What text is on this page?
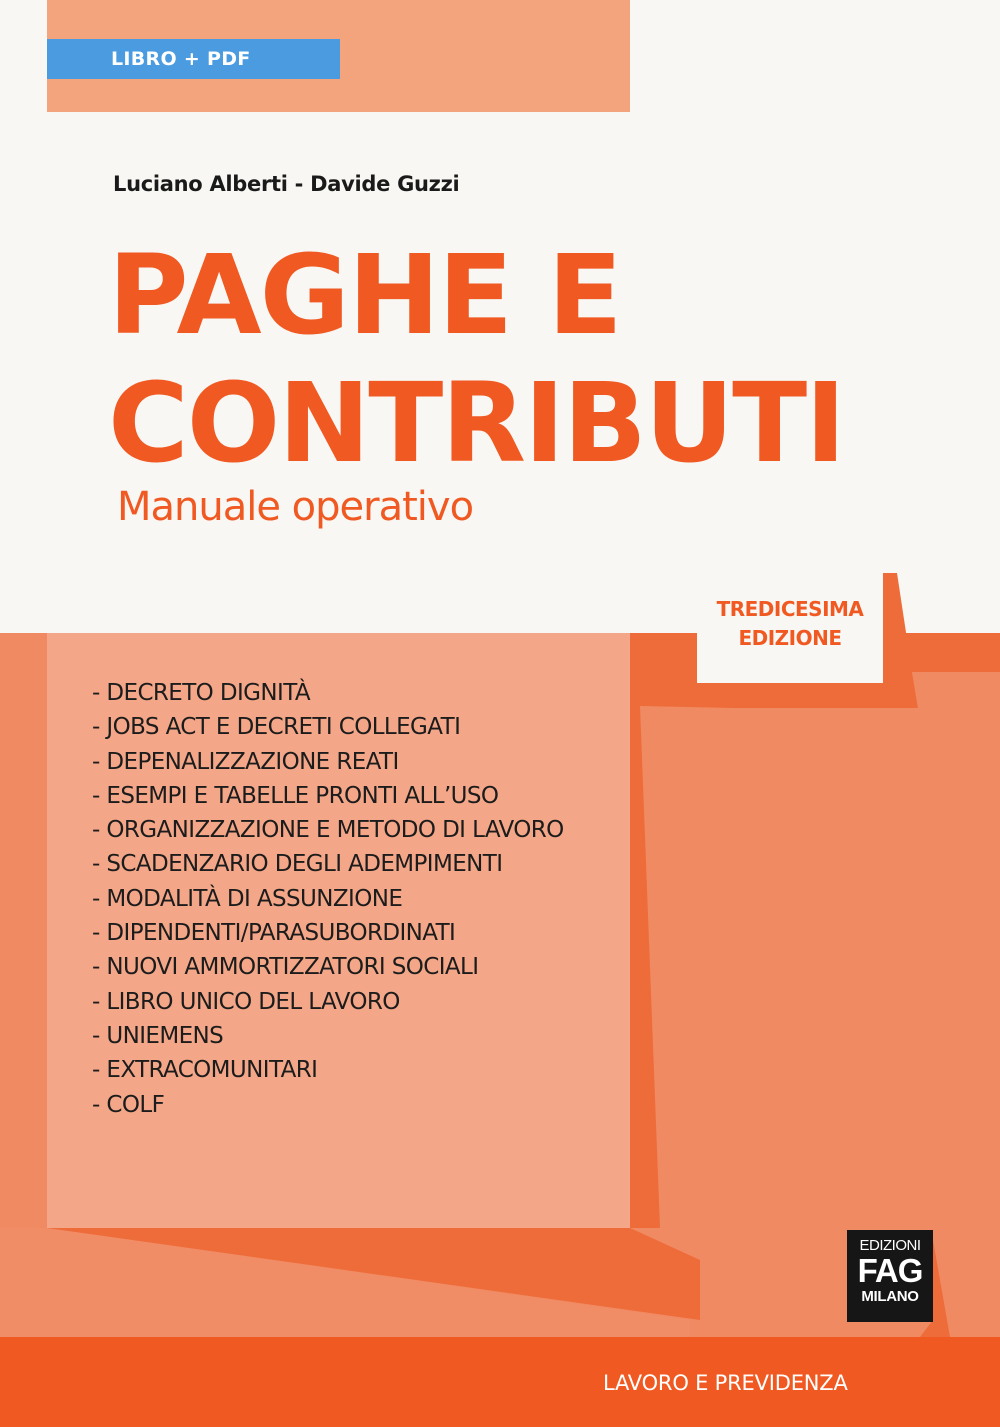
LIBRO + PDF
Luciano Alberti - Davide Guzzi
PAGHE E
CONTRIBUTI
Manuale operativo
TREDICESIMA
EDIZIONE
- DECRETO DIGNITÀ
- JOBS ACT E DECRETI COLLEGATI
- DEPENALIZZAZIONE REATI
- ESEMPI E TABELLE PRONTI ALL’USO
- ORGANIZZAZIONE E METODO DI LAVORO
- SCADENZARIO DEGLI ADEMPIMENTI
- MODALITÀ DI ASSUNZIONE
- DIPENDENTI/PARASUBORDINATI
- NUOVI AMMORTIZZATORI SOCIALI
- LIBRO UNICO DEL LAVORO
- UNIEMENS
- EXTRACOMUNITARI
- COLF
EDIZIONI
FAG
MILANO
LAVORO E PREVIDENZA
